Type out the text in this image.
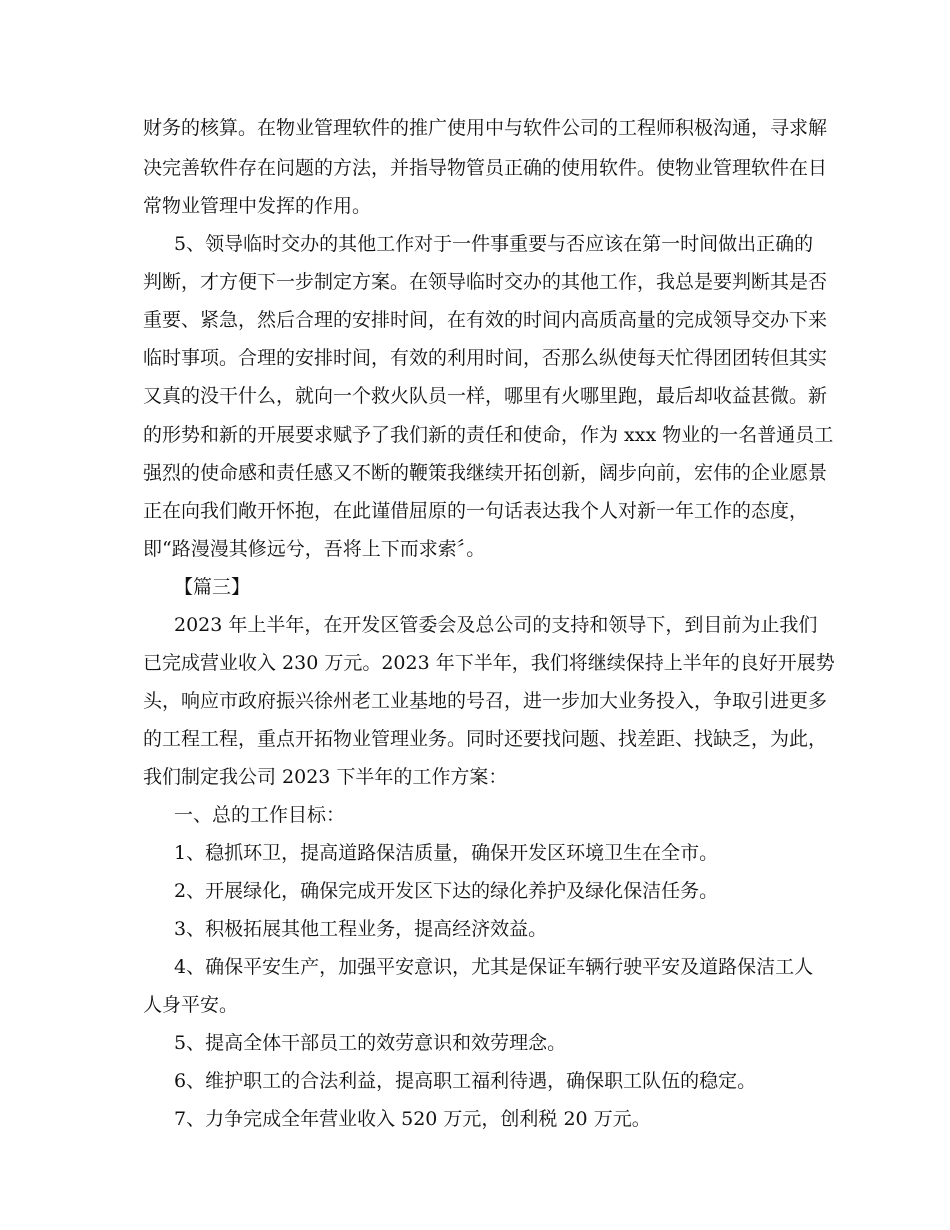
财务的核算。在物业管理软件的推广使用中与软件公司的工程师积极沟通，寻求解
决完善软件存在问题的方法，并指导物管员正确的使用软件。使物业管理软件在日
常物业管理中发挥的作用。
5、领导临时交办的其他工作对于一件事重要与否应该在第一时间做出正确的
判断，才方便下一步制定方案。在领导临时交办的其他工作，我总是要判断其是否
重要、紧急，然后合理的安排时间，在有效的时间内高质高量的完成领导交办下来
临时事项。合理的安排时间，有效的利用时间，否那么纵使每天忙得团团转但其实
又真的没干什么，就向一个救火队员一样，哪里有火哪里跑，最后却收益甚微。新
的形势和新的开展要求赋予了我们新的责任和使命，作为 xxx 物业的一名普通员工
强烈的使命感和责任感又不断的鞭策我继续开拓创新，阔步向前，宏伟的企业愿景
正在向我们敞开怀抱，在此谨借屈原的一句话表达我个人对新一年工作的态度，
即“路漫漫其修远兮，吾将上下而求索〞。
【篇三】
2023 年上半年，在开发区管委会及总公司的支持和领导下，到目前为止我们
已完成营业收入 230 万元。2023 年下半年，我们将继续保持上半年的良好开展势
头，响应市政府振兴徐州老工业基地的号召，进一步加大业务投入，争取引进更多
的工程工程，重点开拓物业管理业务。同时还要找问题、找差距、找缺乏，为此，
我们制定我公司 2023 下半年的工作方案：
一、总的工作目标：
1、稳抓环卫，提高道路保洁质量，确保开发区环境卫生在全市。
2、开展绿化，确保完成开发区下达的绿化养护及绿化保洁任务。
3、积极拓展其他工程业务，提高经济效益。
4、确保平安生产，加强平安意识，尤其是保证车辆行驶平安及道路保洁工人
人身平安。
5、提高全体干部员工的效劳意识和效劳理念。
6、维护职工的合法利益，提高职工福利待遇，确保职工队伍的稳定。
7、力争完成全年营业收入 520 万元，创利税 20 万元。
